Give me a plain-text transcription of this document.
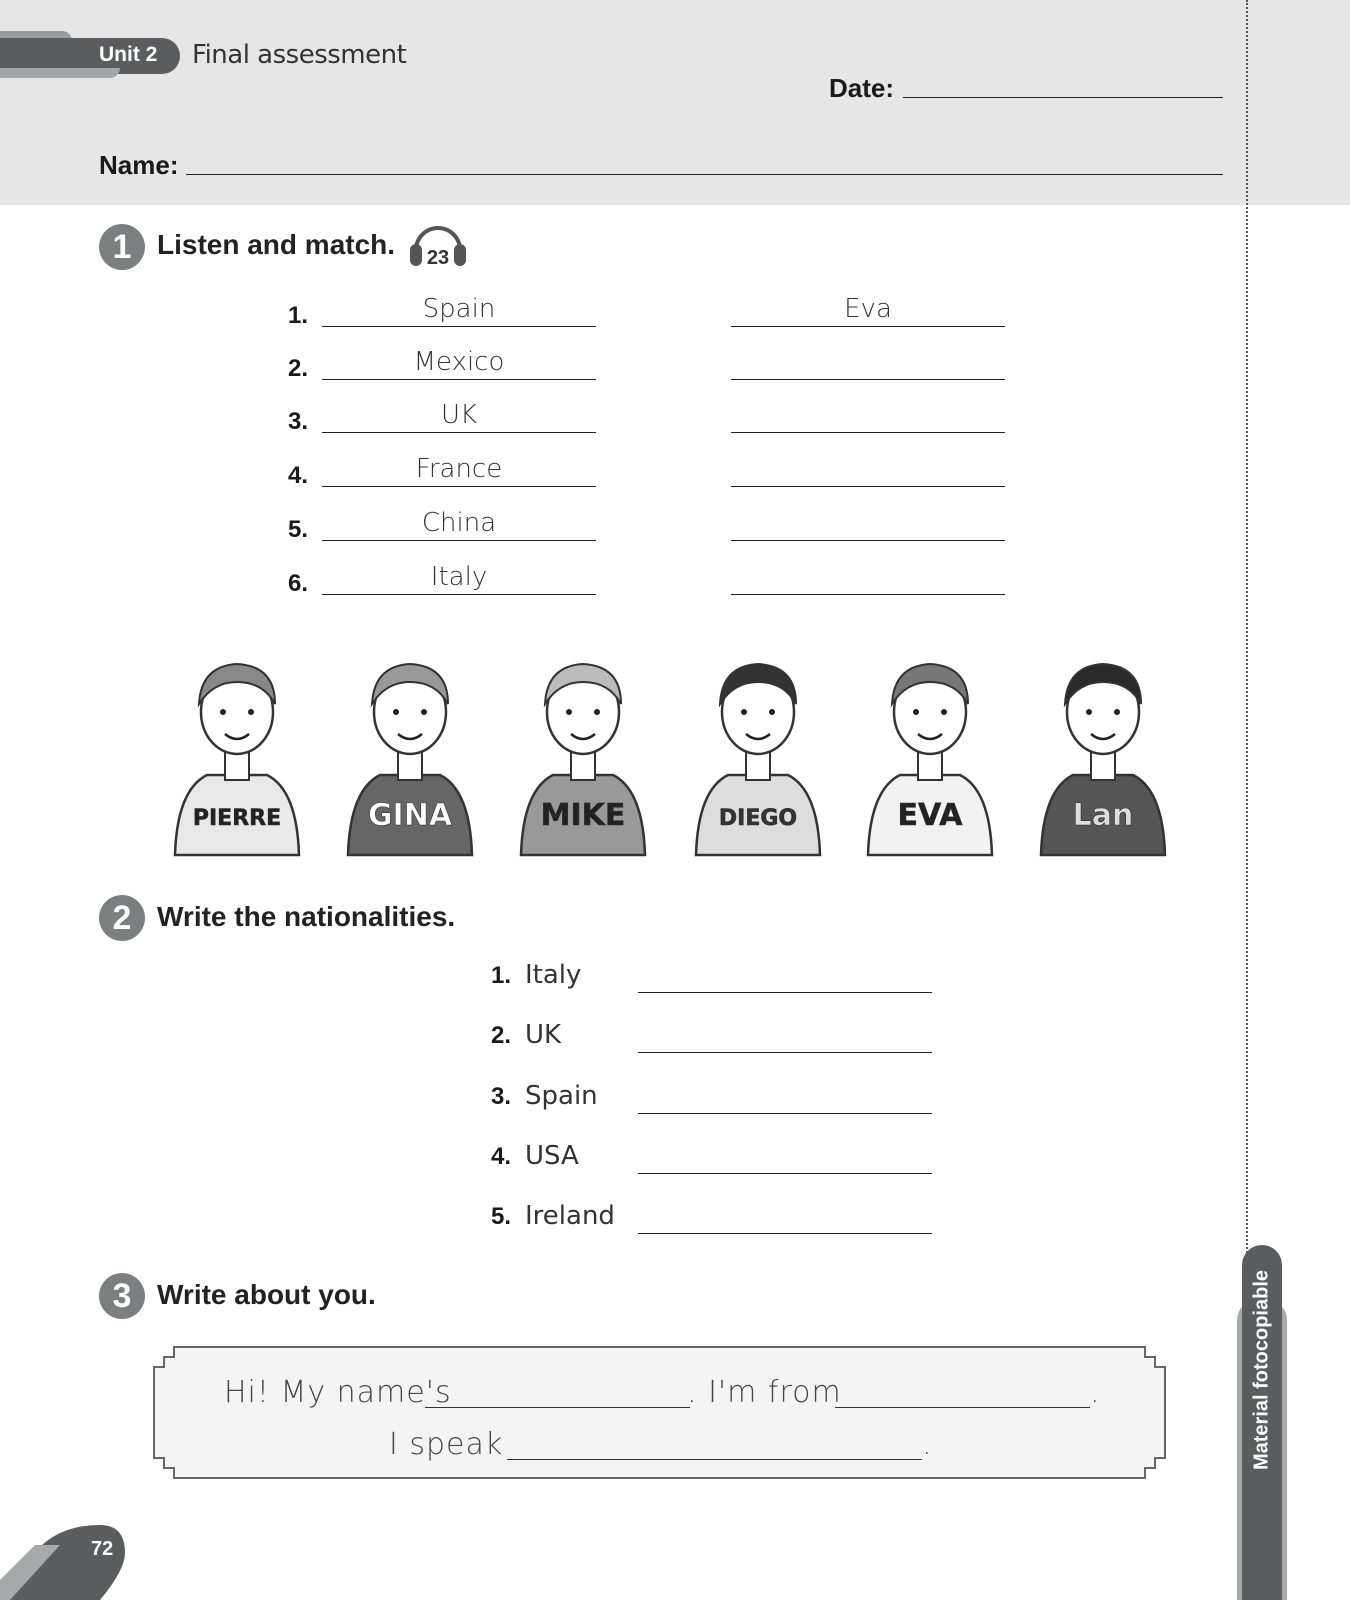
Unit 2 Final assessment
Date:
Name:
1 Listen and match. 23
1.	Spain	Eva
2.	Mexico
3.	UK
4.	France
5.	China
6.	Italy
PIERRE	GINA	MIKE	DIEGO	EVA	Lan
2 Write the nationalities.
1. Italy
2. UK
3. Spain
4. USA
5. Ireland
3 Write about you.
Hi! My name's	. I'm from	.
I speak	.
72
Material fotocopiable
